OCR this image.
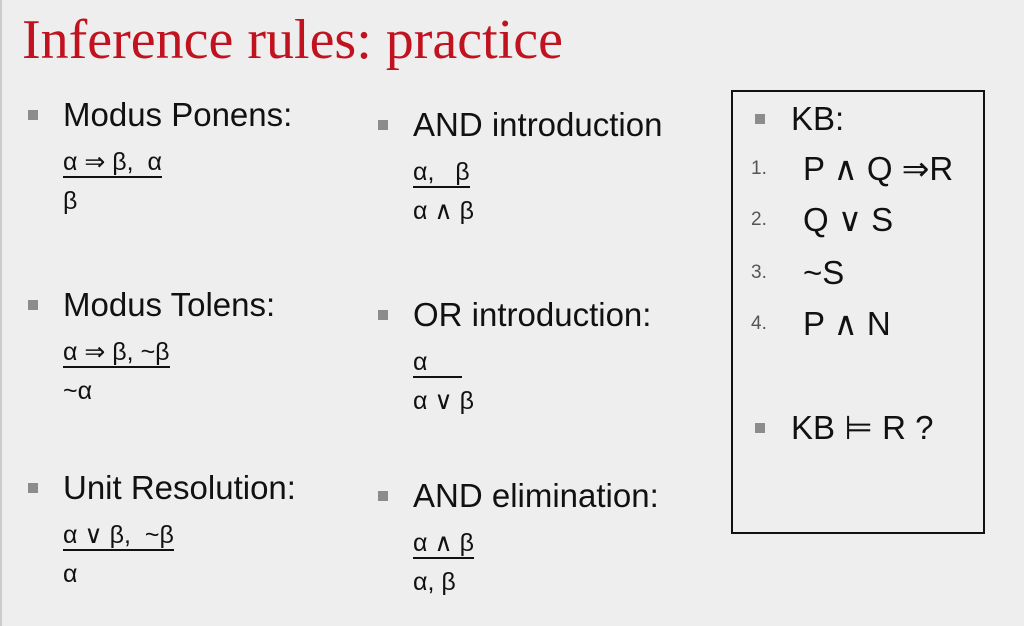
Inference rules: practice
Modus Ponens:
α ⇒ β,  α
β
Modus Tolens:
α ⇒ β, ~β
~α
Unit Resolution:
α ∨ β,  ~β
α
AND introduction
α,   β
α ∧ β
OR introduction:
α
α ∨ β
AND elimination:
α ∧ β
α, β
KB:
1. P ∧ Q ⇒R
2. Q ∨ S
3. ~S
4. P ∧ N
KB ⊨ R ?
